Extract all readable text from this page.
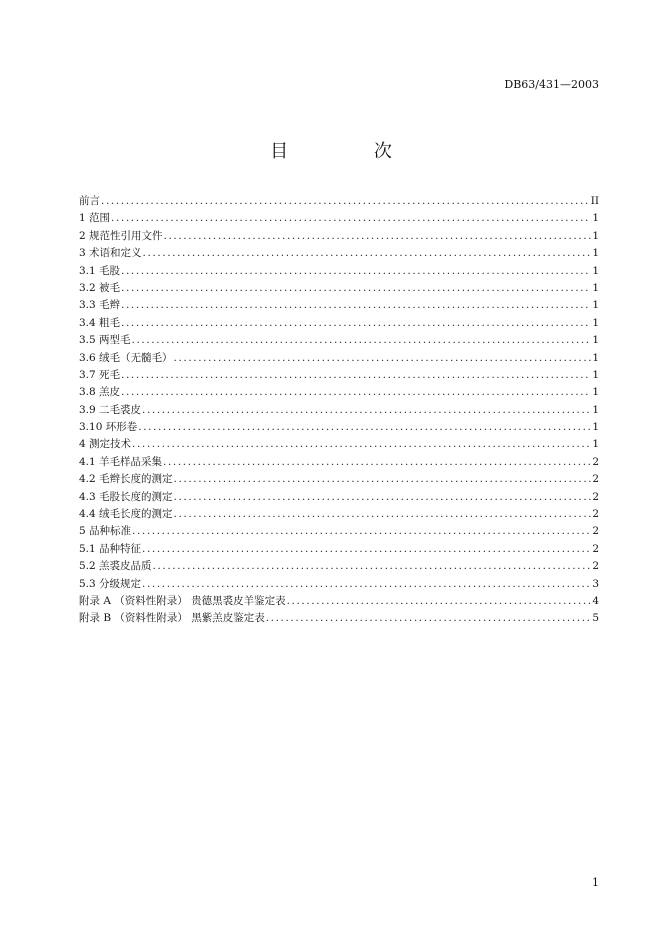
DB63/431—2003
目 次
前言 .....	II
1 范围 .....	1
2 规范性引用文件 .....	1
3 术语和定义 .....	1
3.1 毛股 .....	1
3.2 被毛 .....	1
3.3 毛辫 .....	1
3.4 粗毛 .....	1
3.5 两型毛 .....	1
3.6 绒毛（无髓毛） .....	1
3.7 死毛 .....	1
3.8 羔皮 .....	1
3.9 二毛裘皮 .....	1
3.10 环形卷 .....	1
4 测定技术 .....	1
4.1 羊毛样品采集 .....	2
4.2 毛辫长度的测定 .....	2
4.3 毛股长度的测定 .....	2
4.4 绒毛长度的测定 .....	2
5 品种标准 .....	2
5.1 品种特征 .....	2
5.2 羔裘皮品质 .....	2
5.3 分级规定 .....	3
附录 A （资料性附录） 贵德黑裘皮羊鉴定表 .....	4
附录 B （资料性附录） 黑紫羔皮鉴定表 .....	5
1
